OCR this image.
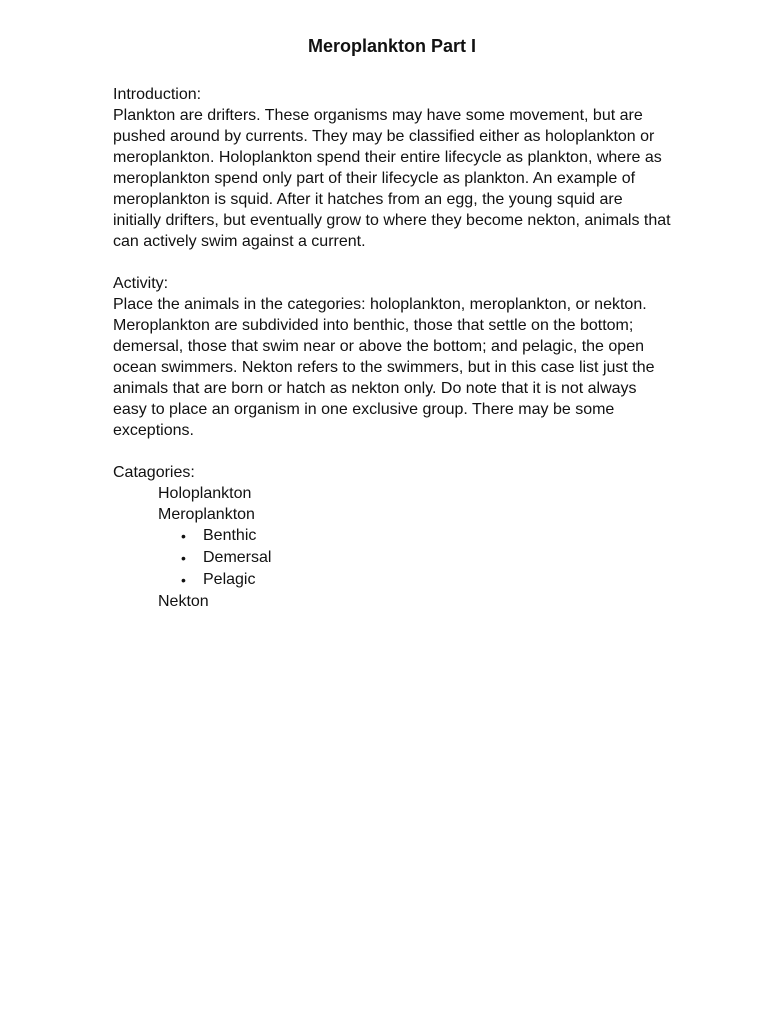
Meroplankton Part I

Introduction:

Plankton are drifters. These organisms may have some movement, but are pushed around by currents. They may be classified either as holoplankton or meroplankton. Holoplankton spend their entire lifecycle as plankton, where as meroplankton spend only part of their lifecycle as plankton. An example of meroplankton is squid. After it hatches from an egg, the young squid are initially drifters, but eventually grow to where they become nekton, animals that can actively swim against a current.

Activity:

Place the animals in the categories: holoplankton, meroplankton, or nekton. Meroplankton are subdivided into benthic, those that settle on the bottom; demersal, those that swim near or above the bottom; and pelagic, the open ocean swimmers. Nekton refers to the swimmers, but in this case list just the animals that are born or hatch as nekton only. Do note that it is not always easy to place an organism in one exclusive group. There may be some exceptions.

Catagories:

Holoplankton
Meroplankton
• Benthic
• Demersal
• Pelagic
Nekton
